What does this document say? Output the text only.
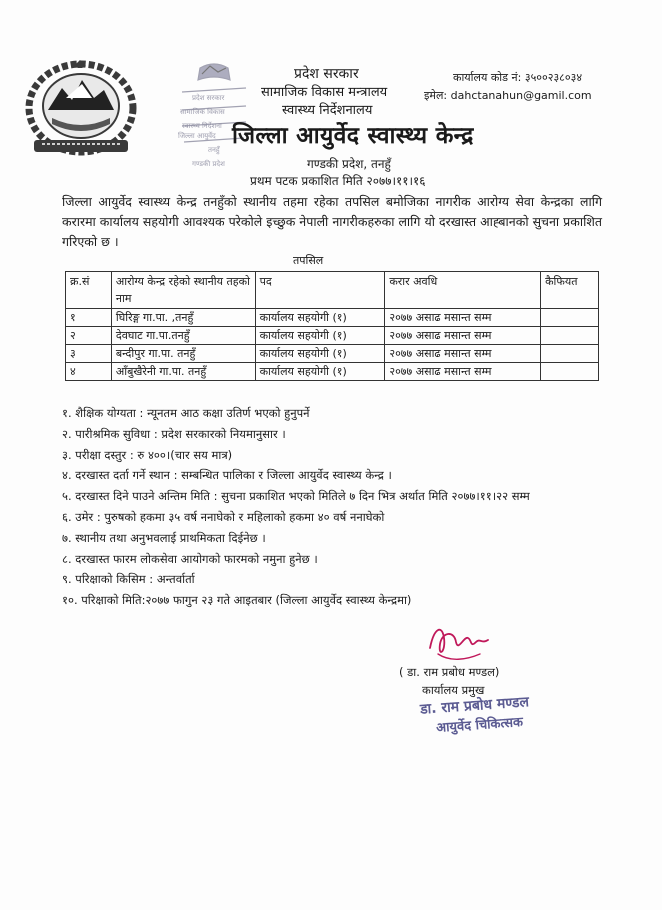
प्रदेश सरकार
सामाजिक विकास
स्वास्थ्य निर्देशना
जिल्ला आयुर्वेद
तनहुँ
गण्डकी प्रदेश
प्रदेश सरकार
सामाजिक विकास मन्त्रालय
स्वास्थ्य निर्देशनालय
कार्यालय कोड नं: ३५००२३८०३४
इमेल: dahctanahun@gamil.com
जिल्ला आयुर्वेद स्वास्थ्य केन्द्र
गण्डकी प्रदेश, तनहुँ
प्रथम पटक प्रकाशित मिति २०७७।११।१६

जिल्ला आयुर्वेद स्वास्थ्य केन्द्र तनहुँको स्थानीय तहमा रहेका तपसिल बमोजिका नागरीक आरोग्य सेवा केन्द्रका लागि करारमा कार्यालय सहयोगी आवश्यक परेकोले इच्छुक नेपाली नागरीकहरुका लागि यो दरखास्त आह्बानको सुचना प्रकाशित गरिएको छ ।

तपसिल
क्र.सं	आरोग्य केन्द्र रहेको स्थानीय तहको नाम	पद	करार अवधि	कैफियत
१	घिरिङ्ग गा.पा. ,तनहुँ	कार्यालय सहयोगी (१)	२०७७ असाढ मसान्त सम्म	
२	देवघाट गा.पा.तनहुँ	कार्यालय सहयोगी (१)	२०७७ असाढ मसान्त सम्म	
३	बन्दीपुर गा.पा. तनहुँ	कार्यालय सहयोगी (१)	२०७७ असाढ मसान्त सम्म	
४	आँबुखैरेनी गा.पा. तनहुँ	कार्यालय सहयोगी (१)	२०७७ असाढ मसान्त सम्म	
१. शैक्षिक योग्यता : न्यूनतम आठ कक्षा उतिर्ण भएको हुनुपर्ने
२. पारीश्रमिक सुविधा : प्रदेश सरकारको नियमानुसार ।
३. परीक्षा दस्तुर : रु ४००।(चार सय मात्र)
४. दरखास्त दर्ता गर्ने स्थान : सम्बन्धित पालिका र जिल्ला आयुर्वेद स्वास्थ्य केन्द्र ।
५. दरखास्त दिने पाउने अन्तिम मिति : सुचना प्रकाशित भएको मितिले ७ दिन भित्र अर्थात मिति २०७७।११।२२ सम्म
६. उमेर : पुरुषको हकमा ३५ वर्ष ननाघेको र महिलाको हकमा ४० वर्ष ननाघेको
७. स्थानीय तथा अनुभवलाई प्राथमिकता दिईनेछ ।
८. दरखास्त फारम लोकसेवा आयोगको फारमको नमुना हुनेछ ।
९. परिक्षाको किसिम : अन्तर्वार्ता
१०. परिक्षाको मिति:२०७७ फागुन २३ गते आइतबार (जिल्ला आयुर्वेद स्वास्थ्य केन्द्रमा)
( डा. राम प्रबोध मण्डल)
कार्यालय प्रमुख
डा. राम प्रबोध मण्डल
आयुर्वेद चिकित्सक
